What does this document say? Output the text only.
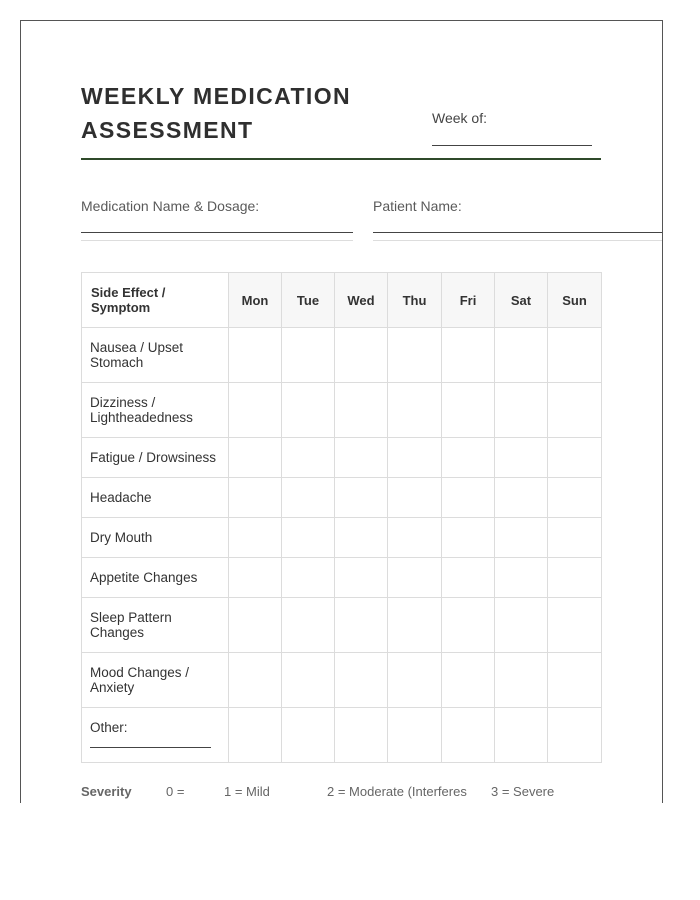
WEEKLY MEDICATION
ASSESSMENT	Week of:
Medication Name & Dosage:	Patient Name:
Side Effect / Symptom	Mon	Tue	Wed	Thu	Fri	Sat	Sun
Nausea / Upset Stomach							
Dizziness / Lightheadedness							
Fatigue / Drowsiness							
Headache							
Dry Mouth							
Appetite Changes							
Sleep Pattern Changes							
Mood Changes / Anxiety							

Other:							

Severity	0 =	1 = Mild	2 = Moderate (Interferes 3 = Severe
